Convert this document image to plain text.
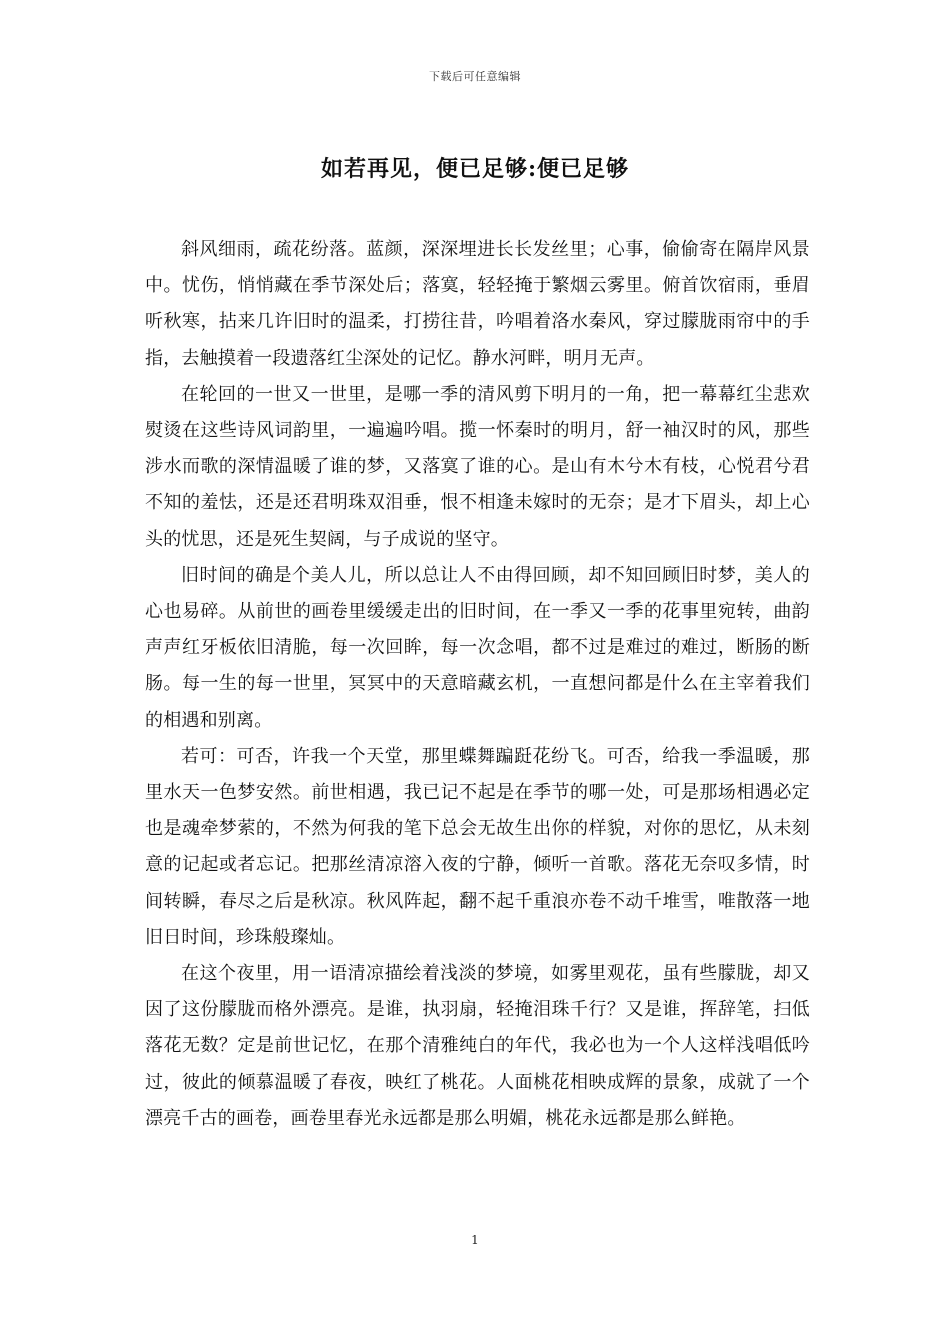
下载后可任意编辑
如若再见，便已足够:便已足够

斜风细雨，疏花纷落。蓝颜，深深埋进长长发丝里；心事，偷偷寄在隔岸风景中。忧伤，悄悄藏在季节深处后；落寞，轻轻掩于繁烟云雾里。俯首饮宿雨，垂眉听秋寒，拈来几许旧时的温柔，打捞往昔，吟唱着洛水秦风，穿过朦胧雨帘中的手指，去触摸着一段遗落红尘深处的记忆。静水河畔，明月无声。

在轮回的一世又一世里，是哪一季的清风剪下明月的一角，把一幕幕红尘悲欢熨烫在这些诗风词韵里，一遍遍吟唱。揽一怀秦时的明月，舒一袖汉时的风，那些涉水而歌的深情温暖了谁的梦，又落寞了谁的心。是山有木兮木有枝，心悦君兮君不知的羞怯，还是还君明珠双泪垂，恨不相逢未嫁时的无奈；是才下眉头，却上心头的忧思，还是死生契阔，与子成说的坚守。

旧时间的确是个美人儿，所以总让人不由得回顾，却不知回顾旧时梦，美人的心也易碎。从前世的画卷里缓缓走出的旧时间，在一季又一季的花事里宛转，曲韵声声红牙板依旧清脆，每一次回眸，每一次念唱，都不过是难过的难过，断肠的断肠。每一生的每一世里，冥冥中的天意暗藏玄机，一直想问都是什么在主宰着我们的相遇和别离。

若可：可否，许我一个天堂，那里蝶舞蹁跹花纷飞。可否，给我一季温暖，那里水天一色梦安然。前世相遇，我已记不起是在季节的哪一处，可是那场相遇必定也是魂牵梦萦的，不然为何我的笔下总会无故生出你的样貌，对你的思忆，从未刻意的记起或者忘记。把那丝清凉溶入夜的宁静，倾听一首歌。落花无奈叹多情，时间转瞬，春尽之后是秋凉。秋风阵起，翻不起千重浪亦卷不动千堆雪，唯散落一地旧日时间，珍珠般璨灿。

在这个夜里，用一语清凉描绘着浅淡的梦境，如雾里观花，虽有些朦胧，却又因了这份朦胧而格外漂亮。是谁，执羽扇，轻掩泪珠千行？又是谁，挥辞笔，扫低落花无数？定是前世记忆，在那个清雅纯白的年代，我必也为一个人这样浅唱低吟过，彼此的倾慕温暖了春夜，映红了桃花。人面桃花相映成辉的景象，成就了一个漂亮千古的画卷，画卷里春光永远都是那么明媚，桃花永远都是那么鲜艳。

1
